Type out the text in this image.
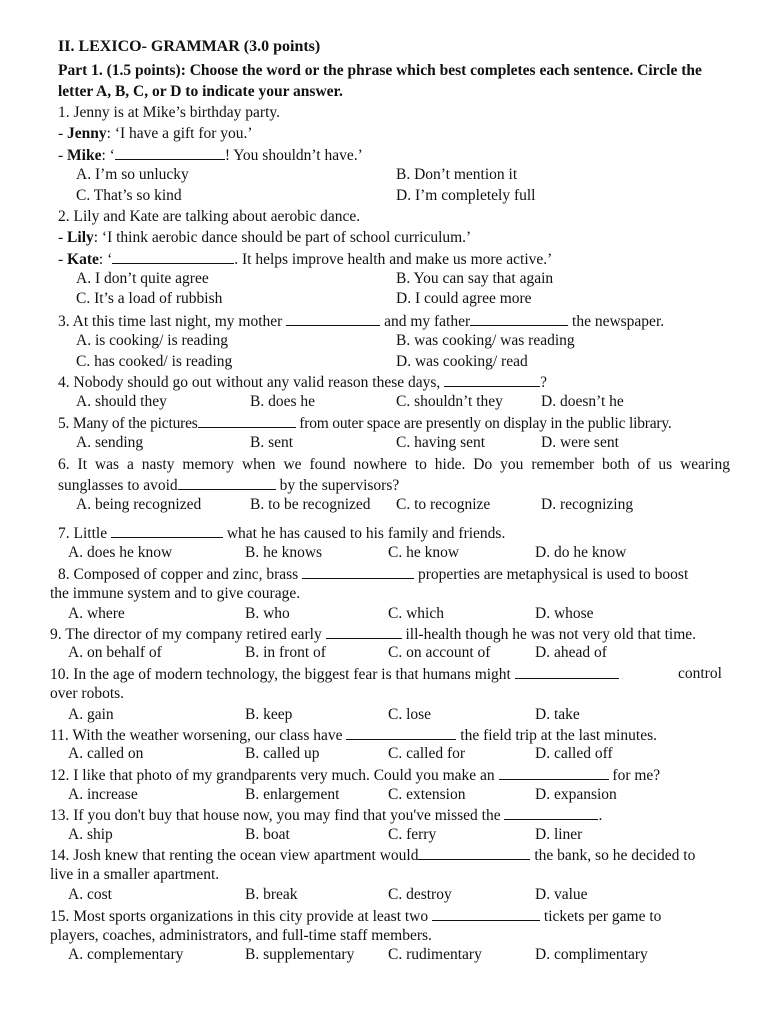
II. LEXICO- GRAMMAR (3.0 points)
Part 1. (1.5 points): Choose the word or the phrase which best completes each sentence. Circle the letter A, B, C, or D to indicate your answer.
1. Jenny is at Mike’s birthday party.
- Jenny: ‘I have a gift for you.’
- Mike: ‘	! You shouldn’t have.’
A. I’m so unlucky	B. Don’t mention it
C. That’s so kind	D. I’m completely full
2. Lily and Kate are talking about aerobic dance.
- Lily: ‘I think aerobic dance should be part of school curriculum.’
- Kate: ‘	. It helps improve health and make us more active.’
A. I don’t quite agree	B. You can say that again
C. It’s a load of rubbish	D. I could agree more
3. At this time last night, my mother	and my father	the newspaper.
A. is cooking/ is reading	B. was cooking/ was reading
C. has cooked/ is reading	D. was cooking/ read
4. Nobody should go out without any valid reason these days,	?
A. should they	B. does he	C. shouldn’t they D. doesn’t he
5. Many of the pictures	from outer space are presently on display in the public library.
A. sending	B. sent	C. having sent	D. were sent
6. It was a nasty memory when we found nowhere to hide. Do you remember both of us wearing
sunglasses to avoid	by the supervisors?
A. being recognized	B. to be recognized C. to recognize	D. recognizing
7. Little	what he has caused to his family and friends.
A. does he know	B. he knows	C. he know	D. do he know
8. Composed of copper and zinc, brass	properties are metaphysical is used to boost
the immune system and to give courage.
A. where	B. who	C. which	D. whose
9. The director of my company retired early	ill-health though he was not very old that time.
A. on behalf of	B. in front of	C. on account of	D. ahead of
10. In the age of modern technology, the biggest fear is that humans might	control
over robots.
A. gain	B. keep	C. lose	D. take
11. With the weather worsening, our class have	the field trip at the last minutes.
A. called on	B. called up	C. called for	D. called off
12. I like that photo of my grandparents very much. Could you make an	for me?
A. increase	B. enlargement	C. extension	D. expansion
13. If you don't buy that house now, you may find that you've missed the	.
A. ship	B. boat	C. ferry	D. liner
14. Josh knew that renting the ocean view apartment would	the bank, so he decided to
live in a smaller apartment.
A. cost	B. break	C. destroy	D. value
15. Most sports organizations in this city provide at least two	tickets per game to
players, coaches, administrators, and full-time staff members.
A. complementary	B. supplementary C. rudimentary	D. complimentary
